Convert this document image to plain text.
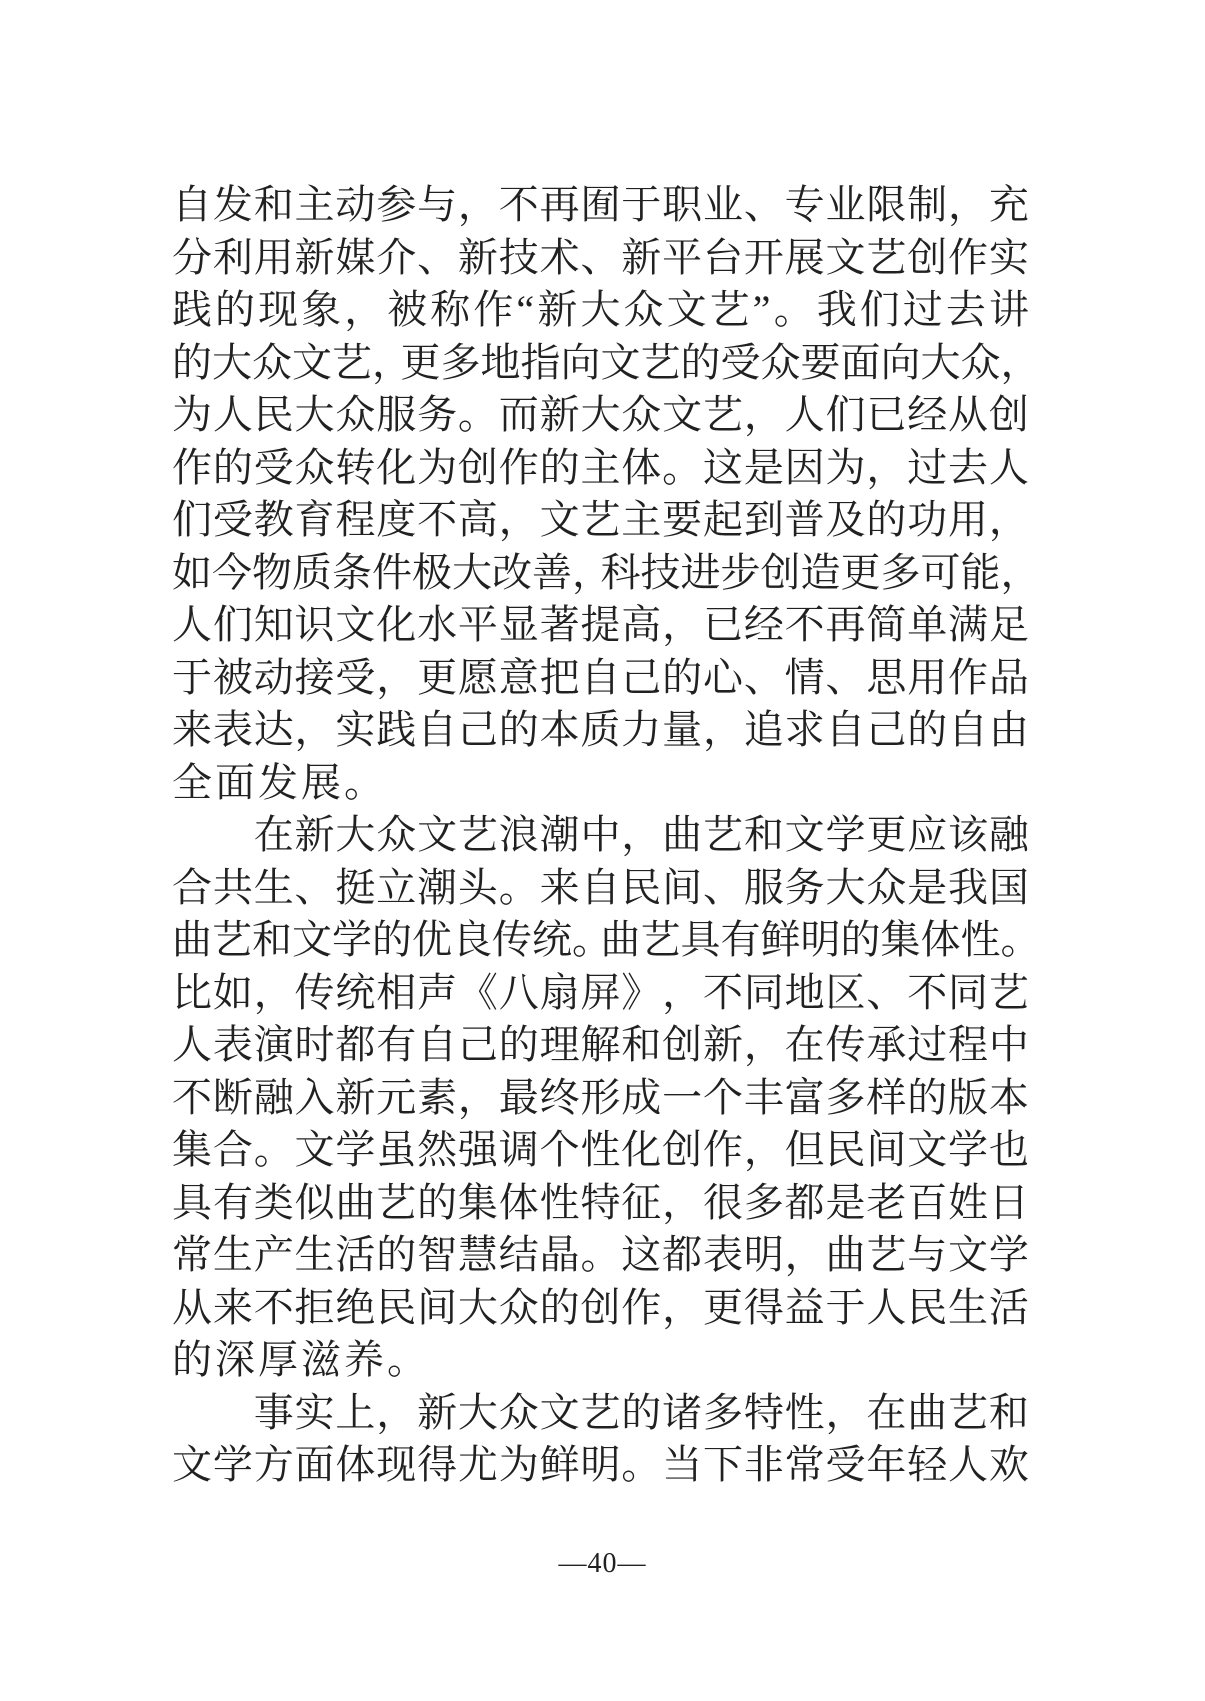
自 发 和 主 动 参 与 ， 不 再 囿 于 职 业 、 专 业 限 制 ， 充
分 利 用 新 媒 介 、 新 技 术 、 新 平 台 开 展 文 艺 创 作 实
践 的 现 象 ， 被 称 作 “ 新 大 众 文 艺 ” 。 我 们 过 去 讲
的 大 众 文 艺 ，
更 多 地 指 向 文 艺 的 受 众 要 面 向 大 众 ，
为 人 民 大 众 服 务 。 而 新 大 众 文 艺 ， 人 们 已 经 从 创
作 的 受 众 转 化 为 创 作 的 主 体 。 这 是 因 为 ， 过 去 人
们 受 教 育 程 度 不 高 ， 文 艺 主 要 起 到 普 及 的 功 用 ，
如 今 物 质 条 件 极 大 改 善 ，
科 技 进 步 创 造 更 多 可 能 ，
人 们 知 识 文 化 水 平 显 著 提 高 ， 已 经 不 再 简 单 满 足
于 被 动 接 受 ， 更 愿 意 把 自 己 的 心 、 情 、 思 用 作 品
来 表 达 ， 实 践 自 己 的 本 质 力 量 ， 追 求 自 己 的 自 由
全 面 发 展 。

在 新 大 众 文 艺 浪 潮 中 ， 曲 艺 和 文 学 更 应 该 融
合 共 生 、 挺 立 潮 头 。 来 自 民 间 、 服 务 大 众 是 我 国
曲 艺 和 文 学 的 优 良 传 统 。
曲 艺 具 有 鲜 明 的 集 体 性 。
比 如 ， 传 统 相 声 《 八 扇 屏 》 ， 不 同 地 区 、 不 同 艺
人 表 演 时 都 有 自 己 的 理 解 和 创 新 ， 在 传 承 过 程 中
不 断 融 入 新 元 素 ， 最 终 形 成 一 个 丰 富 多 样 的 版 本
集 合 。 文 学 虽 然 强 调 个 性 化 创 作 ， 但 民 间 文 学 也
具 有 类 似 曲 艺 的 集 体 性 特 征 ， 很 多 都 是 老 百 姓 日
常 生 产 生 活 的 智 慧 结 晶 。 这 都 表 明 ， 曲 艺 与 文 学
从 来 不 拒 绝 民 间 大 众 的 创 作 ， 更 得 益 于 人 民 生 活
的 深 厚 滋 养 。

事 实 上 ， 新 大 众 文 艺 的 诸 多 特 性 ， 在 曲 艺 和
文 学 方 面 体 现 得 尤 为 鲜 明 。 当 下 非 常 受 年 轻 人 欢
—40—
